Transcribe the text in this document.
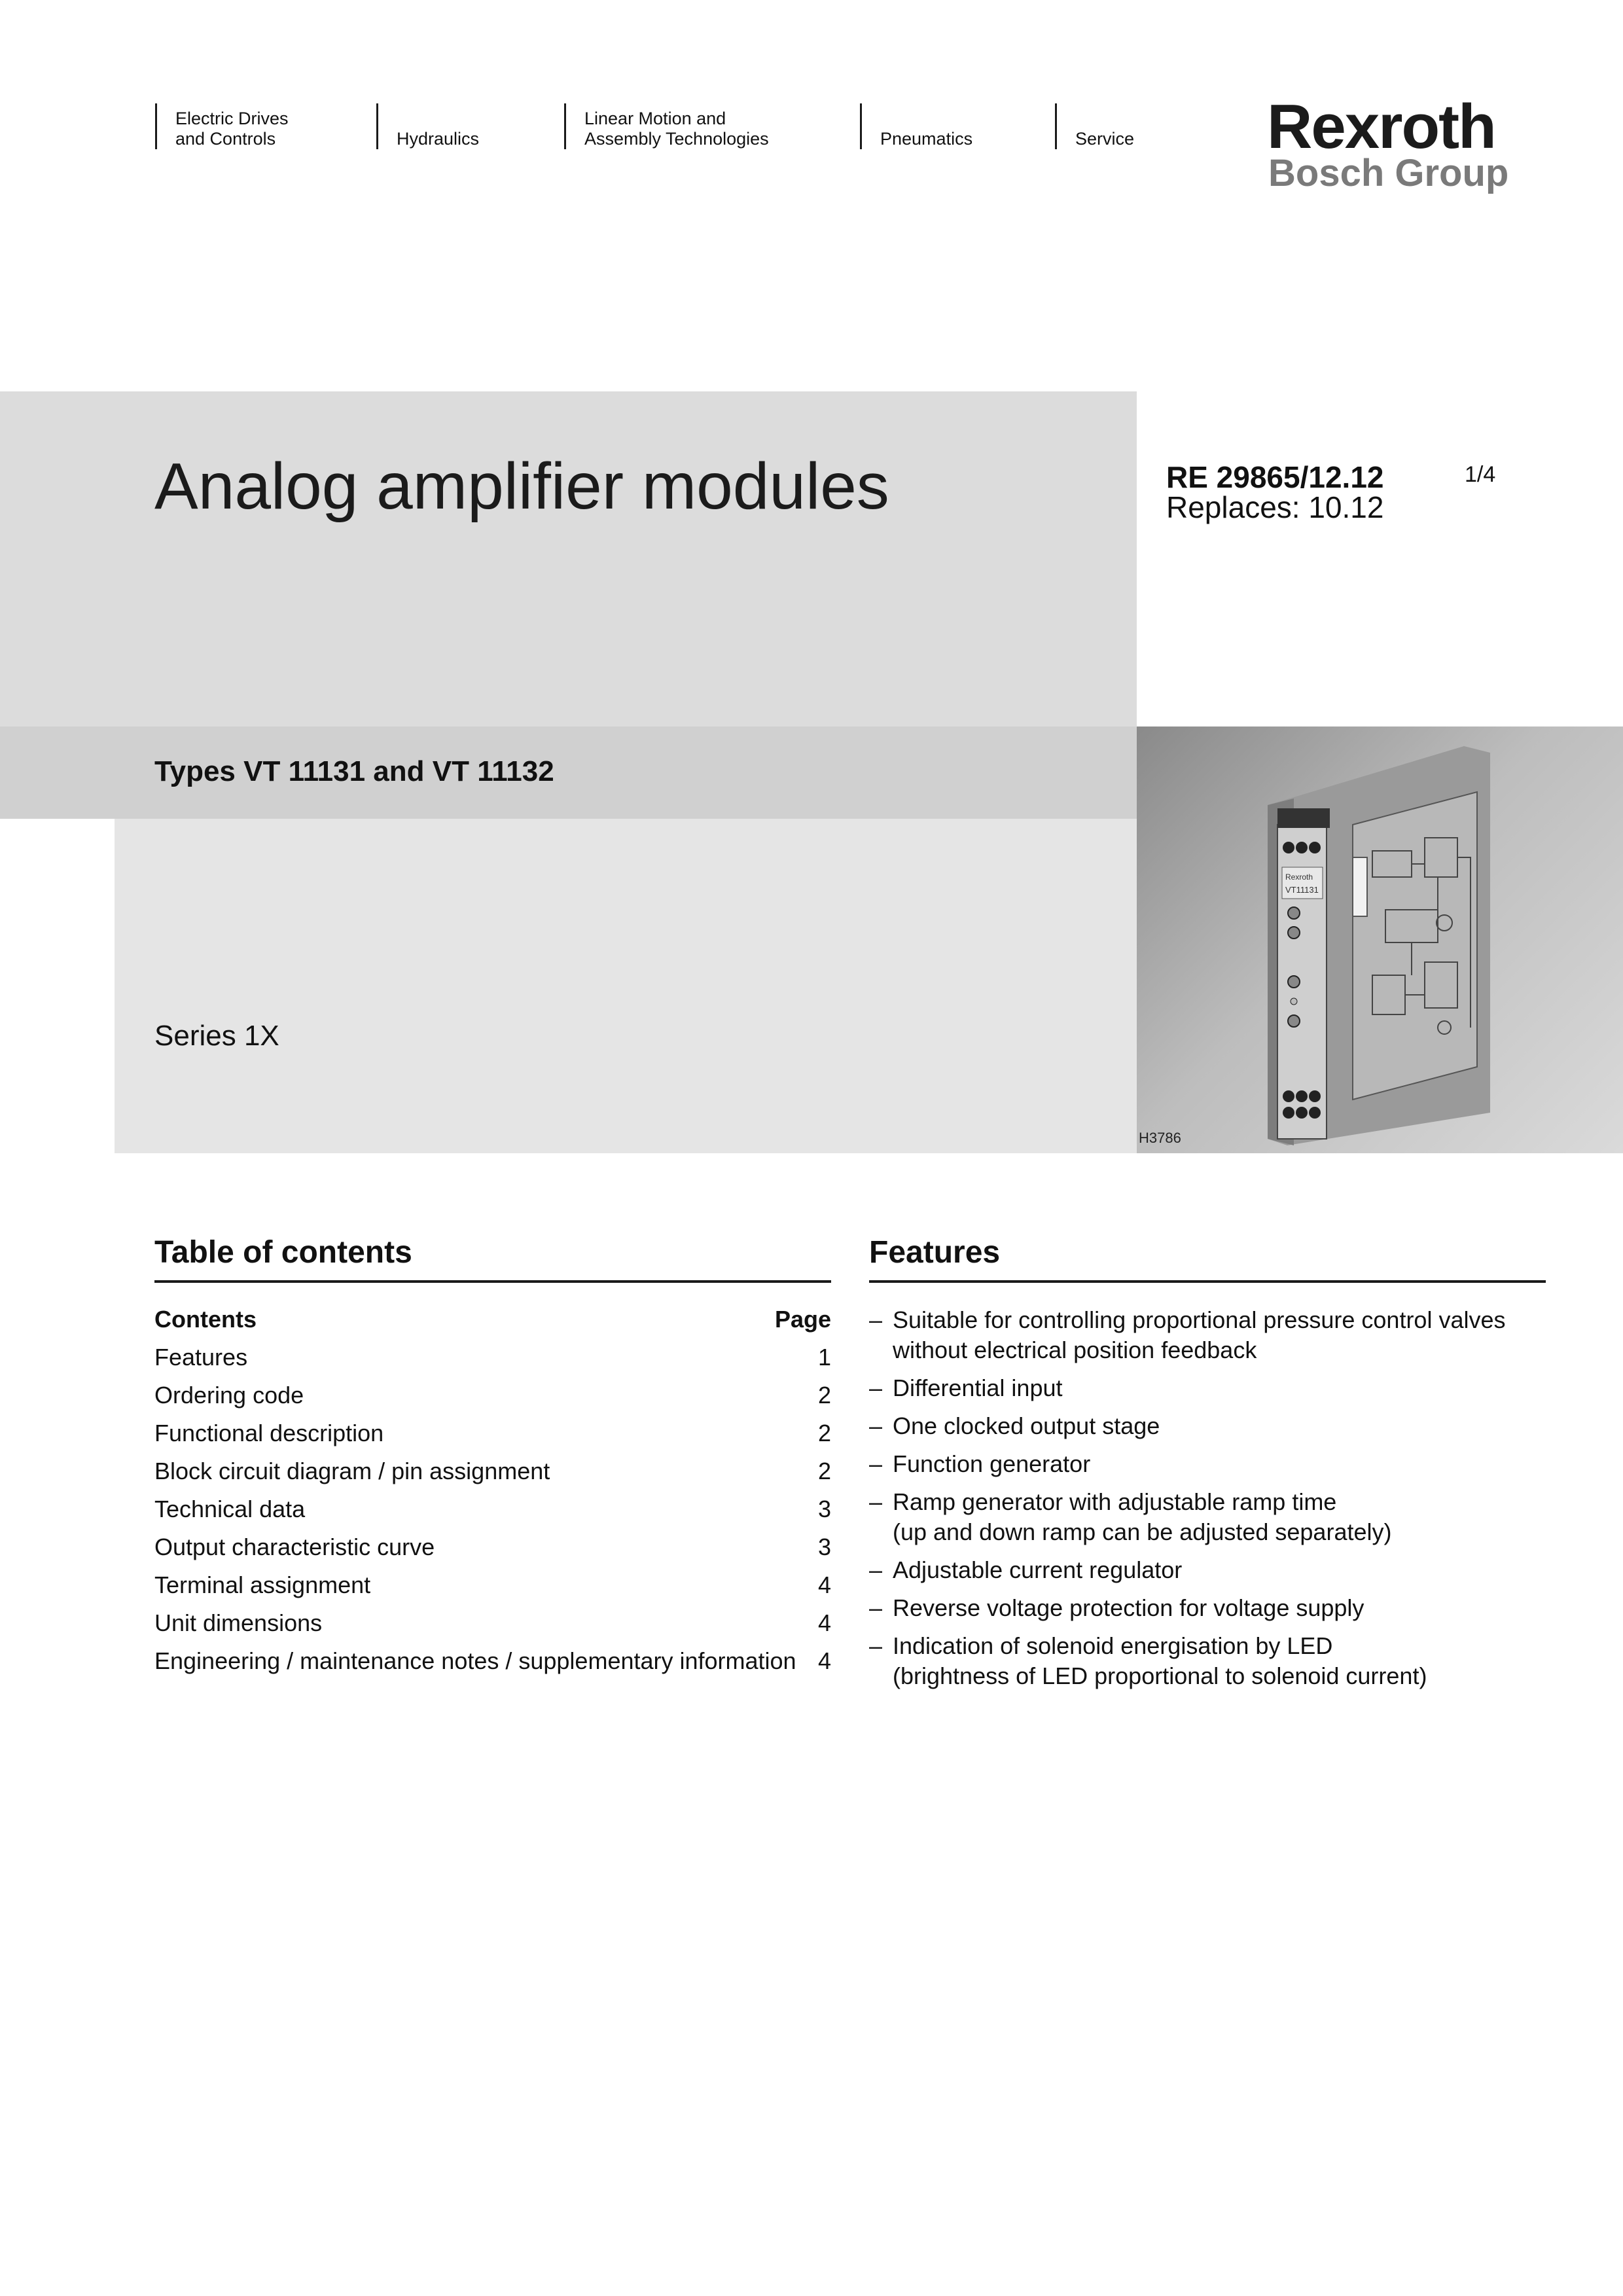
Electric Drives
and Controls	Hydraulics
Linear Motion and
Assembly Technologies	Pneumatics	Service Rexroth
Bosch Group
Analog amplifier modules	RE 29865/12.12
Replaces: 10.12
1/4
Types VT 11131 and VT 11132
Series 1X
Rexroth
VT11131
H3786
Table of contents
Contents	Page
Features	1
Ordering code	2
Functional description	2
Block circuit diagram / pin assignment	2
Technical data	3
Output characteristic curve	3
Terminal assignment	4
Unit dimensions	4
Engineering / maintenance notes / supplementary information 4
Features
– Suitable for controlling proportional pressure control valves
without electrical position feedback
– Differential input
– One clocked output stage
– Function generator
– Ramp generator with adjustable ramp time
(up and down ramp can be adjusted separately)
– Adjustable current regulator
– Reverse voltage protection for voltage supply
– Indication of solenoid energisation by LED
(brightness of LED proportional to solenoid current)
